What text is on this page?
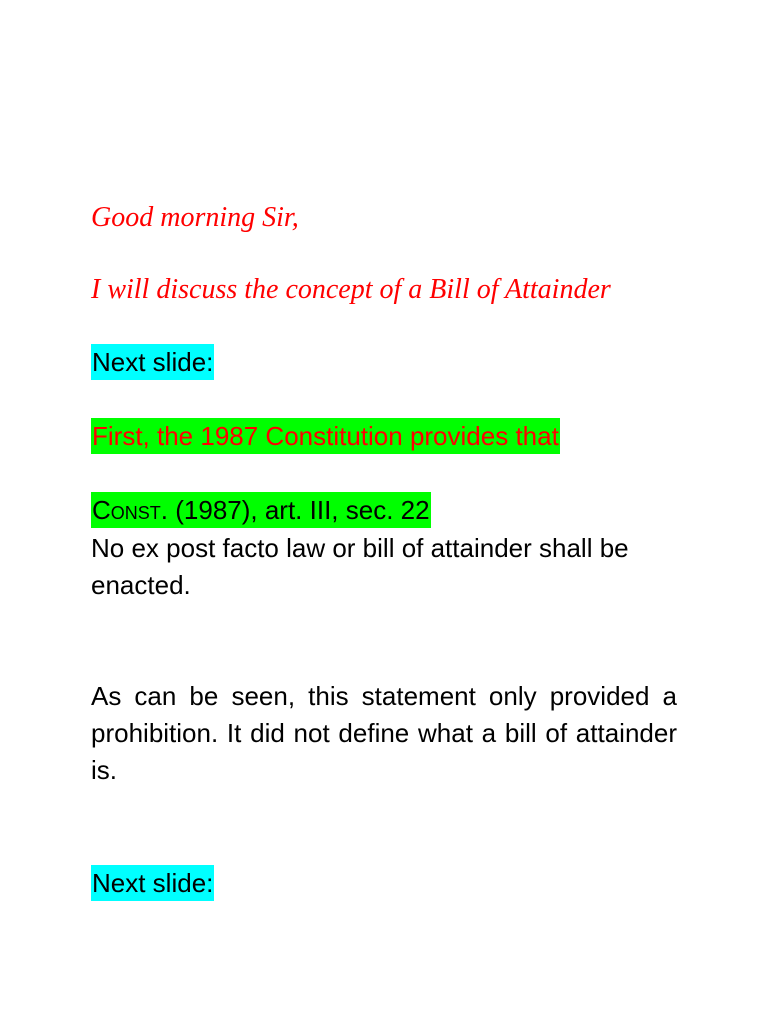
Good morning Sir,
I will discuss the concept of a Bill of Attainder
Next slide:
First, the 1987 Constitution provides that
Const. (1987), art. III, sec. 22

No ex post facto law or bill of attainder shall be enacted.

As can be seen, this statement only provided a prohibition. It did not define what a bill of attainder is.

Next slide:
